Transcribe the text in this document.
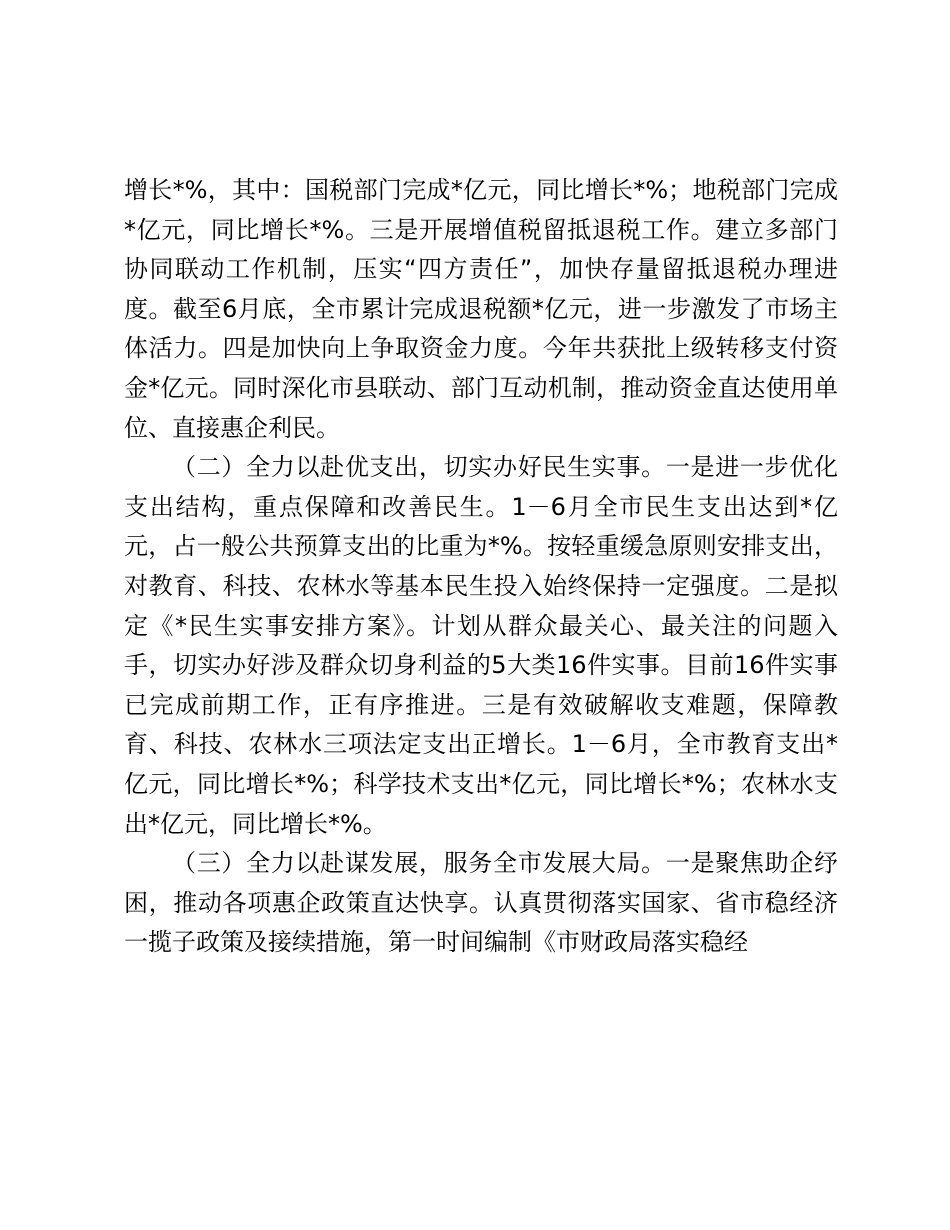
增长*%，其中：国税部门完成*亿元，同比增长*%；地税部门完成*亿元，同比增长*%。三是开展增值税留抵退税工作。建立多部门协同联动工作机制，压实“四方责任”，加快存量留抵退税办理进度。截至6月底，全市累计完成退税额*亿元，进一步激发了市场主体活力。四是加快向上争取资金力度。今年共获批上级转移支付资金*亿元。同时深化市县联动、部门互动机制，推动资金直达使用单位、直接惠企利民。

（二）全力以赴优支出，切实办好民生实事。一是进一步优化支出结构，重点保障和改善民生。1－6月全市民生支出达到*亿元，占一般公共预算支出的比重为*%。按轻重缓急原则安排支出，对教育、科技、农林水等基本民生投入始终保持一定强度。二是拟定《*民生实事安排方案》。计划从群众最关心、最关注的问题入手，切实办好涉及群众切身利益的5大类16件实事。目前16件实事已完成前期工作，正有序推进。三是有效破解收支难题，保障教育、科技、农林水三项法定支出正增长。1－6月，全市教育支出*亿元，同比增长*%；科学技术支出*亿元，同比增长*%；农林水支出*亿元，同比增长*%。

（三）全力以赴谋发展，服务全市发展大局。一是聚焦助企纾困，推动各项惠企政策直达快享。认真贯彻落实国家、省市稳经济一揽子政策及接续措施，第一时间编制《市财政局落实稳经
